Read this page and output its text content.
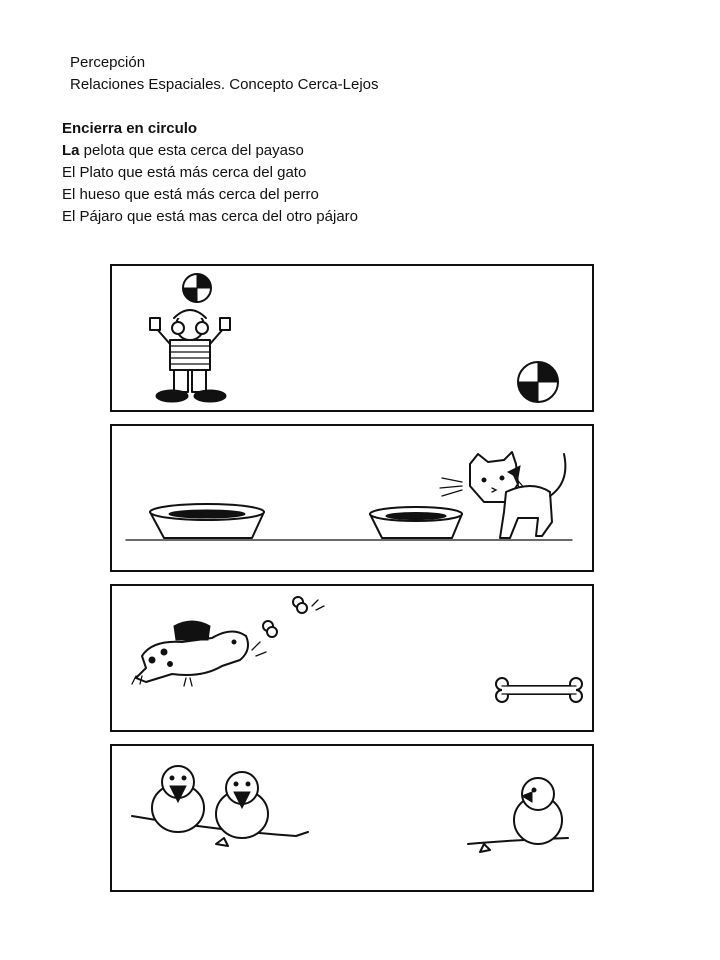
Percepción
Relaciones Espaciales. Concepto Cerca-Lejos
Encierra en circulo
La pelota que esta cerca del payaso
El Plato que está más cerca del gato
El hueso que está más cerca del perro
El Pájaro que está mas cerca del otro pájaro
